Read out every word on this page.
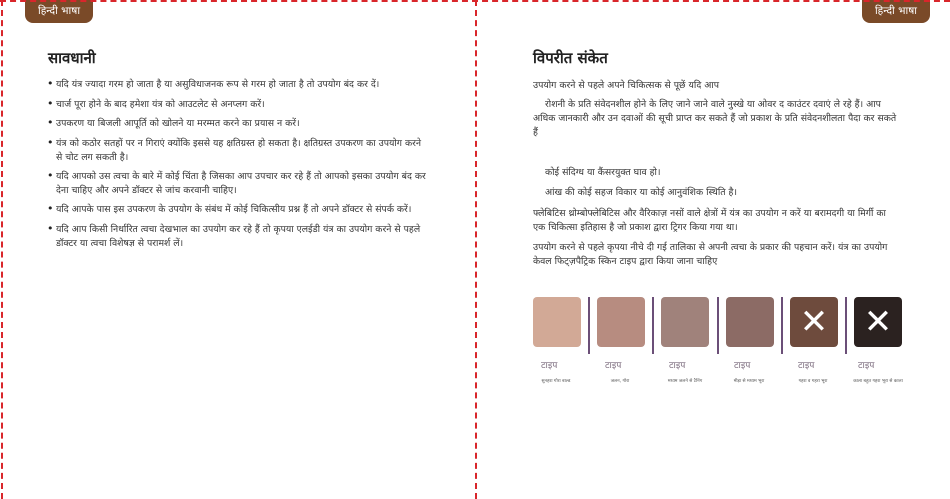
हिन्दी भाषा
सावधानी
• यदि यंत्र ज्यादा गरम हो जाता है या असुविधाजनक रूप से गरम हो जाता है तो उपयोग बंद कर दें।
• चार्ज पूरा होने के बाद हमेशा यंत्र को आउटलेट से अनप्लग करें।
• उपकरण या बिजली आपूर्ति को खोलने या मरम्मत करने का प्रयास न करें।
• यंत्र को कठोर सतहों पर न गिराएं क्योंकि इससे यह क्षतिग्रस्त हो सकता है। क्षतिग्रस्त उपकरण का उपयोग करने से चोट लग सकती है।
• यदि आपको उस त्वचा के बारे में कोई चिंता है जिसका आप उपचार कर रहे हैं तो आपको इसका उपयोग बंद कर देना चाहिए और अपने डॉक्टर से जांच करवानी चाहिए।
• यदि आपके पास इस उपकरण के उपयोग के संबंध में कोई चिकित्सीय प्रश्न हैं तो अपने डॉक्टर से संपर्क करें।
• यदि आप किसी निर्धारित त्वचा देखभाल का उपयोग कर रहे हैं तो कृपया एलईडी यंत्र का उपयोग करने से पहले डॉक्टर या त्वचा विशेषज्ञ से परामर्श लें।
हिन्दी भाषा
विपरीत संकेत

उपयोग करने से पहले अपने चिकित्सक से पूछें यदि आप

रोशनी के प्रति संवेदनशील होने के लिए जाने जाने वाले नुस्खे या ओवर द काउंटर दवाएं ले रहे हैं। आप अधिक जानकारी और उन दवाओं की सूची प्राप्त कर सकते हैं जो प्रकाश के प्रति संवेदनशीलता पैदा कर सकते हैं

कोई संदिग्ध या कैंसरयुक्त घाव हो।

आंख की कोई सहज विकार या कोई आनुवंशिक स्थिति है।

फ्लेबिटिस थ्रोम्बोफ्लेबिटिस और वैरिकाज़ नसों वाले क्षेत्रों में यंत्र का उपयोग न करें या बरामदगी या मिर्गी का एक चिकित्सा इतिहास है जो प्रकाश द्वारा ट्रिगर किया गया था।

उपयोग करने से पहले कृपया नीचे दी गई तालिका से अपनी त्वचा के प्रकार की पहचान करें। यंत्र का उपयोग केवल फिट्ज़पैट्रिक स्किन टाइप द्वारा किया जाना चाहिए

✕ ✕
टाइप	टाइप	टाइप	टाइप	टाइप	टाइप
सुनहरा गोरा बाल्ड	जलन, गोरा	मध्यम जलने से टैनिंग	मीड़ा से मध्यम भूरा	गहरा व गहरा भूरा	काला बहुत गहरा भूरा से काला
